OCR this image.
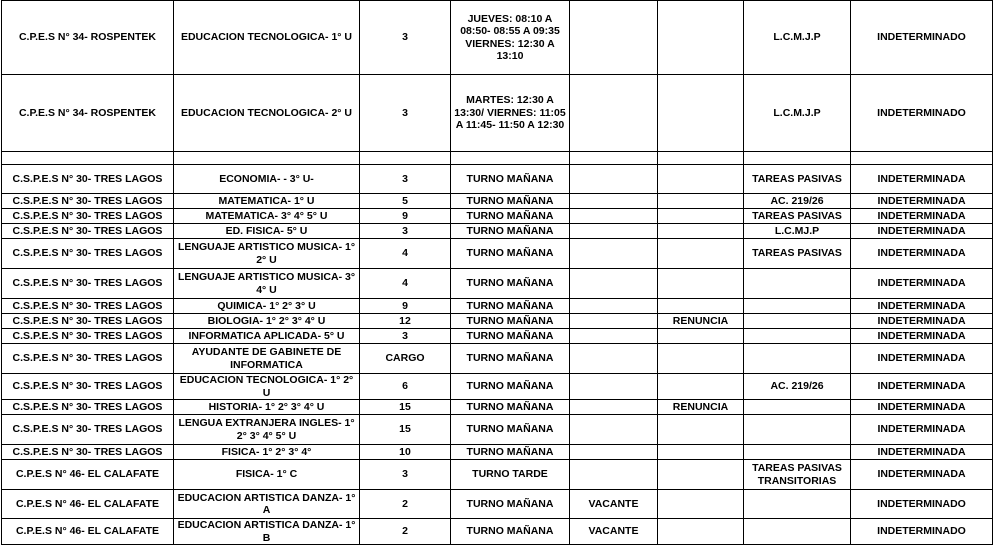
C.P.E.S N° 34- ROSPENTEK	EDUCACION TECNOLOGICA- 1° U	3	JUEVES: 08:10 A 08:50- 08:55 A 09:35 VIERNES: 12:30 A 13:10			L.C.M.J.P	INDETERMINADO
C.P.E.S N° 34- ROSPENTEK	EDUCACION TECNOLOGICA- 2° U	3	MARTES: 12:30 A 13:30/ VIERNES: 11:05 A 11:45- 11:50 A 12:30			L.C.M.J.P	INDETERMINADO

C.S.P.E.S N° 30- TRES LAGOS	ECONOMIA- - 3° U-	3	TURNO MAÑANA			TAREAS PASIVAS	INDETERMINADA
C.S.P.E.S N° 30- TRES LAGOS	MATEMATICA- 1° U	5	TURNO MAÑANA			AC. 219/26	INDETERMINADA
C.S.P.E.S N° 30- TRES LAGOS	MATEMATICA- 3° 4° 5° U	9	TURNO MAÑANA			TAREAS PASIVAS	INDETERMINADA
C.S.P.E.S N° 30- TRES LAGOS	ED. FISICA- 5° U	3	TURNO MAÑANA			L.C.MJ.P	INDETERMINADA
C.S.P.E.S N° 30- TRES LAGOS	LENGUAJE ARTISTICO MUSICA- 1° 2° U	4	TURNO MAÑANA			TAREAS PASIVAS	INDETERMINADA
C.S.P.E.S N° 30- TRES LAGOS	LENGUAJE ARTISTICO MUSICA- 3° 4° U	4	TURNO MAÑANA				INDETERMINADA
C.S.P.E.S N° 30- TRES LAGOS	QUIMICA- 1° 2° 3° U	9	TURNO MAÑANA				INDETERMINADA
C.S.P.E.S N° 30- TRES LAGOS	BIOLOGIA- 1° 2° 3° 4° U	12	TURNO MAÑANA		RENUNCIA		INDETERMINADA
C.S.P.E.S N° 30- TRES LAGOS	INFORMATICA APLICADA- 5° U	3	TURNO MAÑANA				INDETERMINADA
C.S.P.E.S N° 30- TRES LAGOS	AYUDANTE DE GABINETE DE INFORMATICA	CARGO	TURNO MAÑANA				INDETERMINADA
C.S.P.E.S N° 30- TRES LAGOS	EDUCACION TECNOLOGICA- 1° 2° U	6	TURNO MAÑANA			AC. 219/26	INDETERMINADA
C.S.P.E.S N° 30- TRES LAGOS	HISTORIA- 1° 2° 3° 4° U	15	TURNO MAÑANA		RENUNCIA		INDETERMINADA
C.S.P.E.S N° 30- TRES LAGOS	LENGUA EXTRANJERA INGLES- 1° 2° 3° 4° 5° U	15	TURNO MAÑANA				INDETERMINADA
C.S.P.E.S N° 30- TRES LAGOS	FISICA- 1° 2° 3° 4°	10	TURNO MAÑANA				INDETERMINADA
C.P.E.S N° 46- EL CALAFATE	FISICA- 1° C	3	TURNO TARDE			TAREAS PASIVAS TRANSITORIAS	INDETERMINADA
C.P.E.S N° 46- EL CALAFATE	EDUCACION ARTISTICA DANZA- 1° A	2	TURNO MAÑANA	VACANTE			INDETERMINADO
C.P.E.S N° 46- EL CALAFATE	EDUCACION ARTISTICA DANZA- 1° B	2	TURNO MAÑANA	VACANTE			INDETERMINADO
